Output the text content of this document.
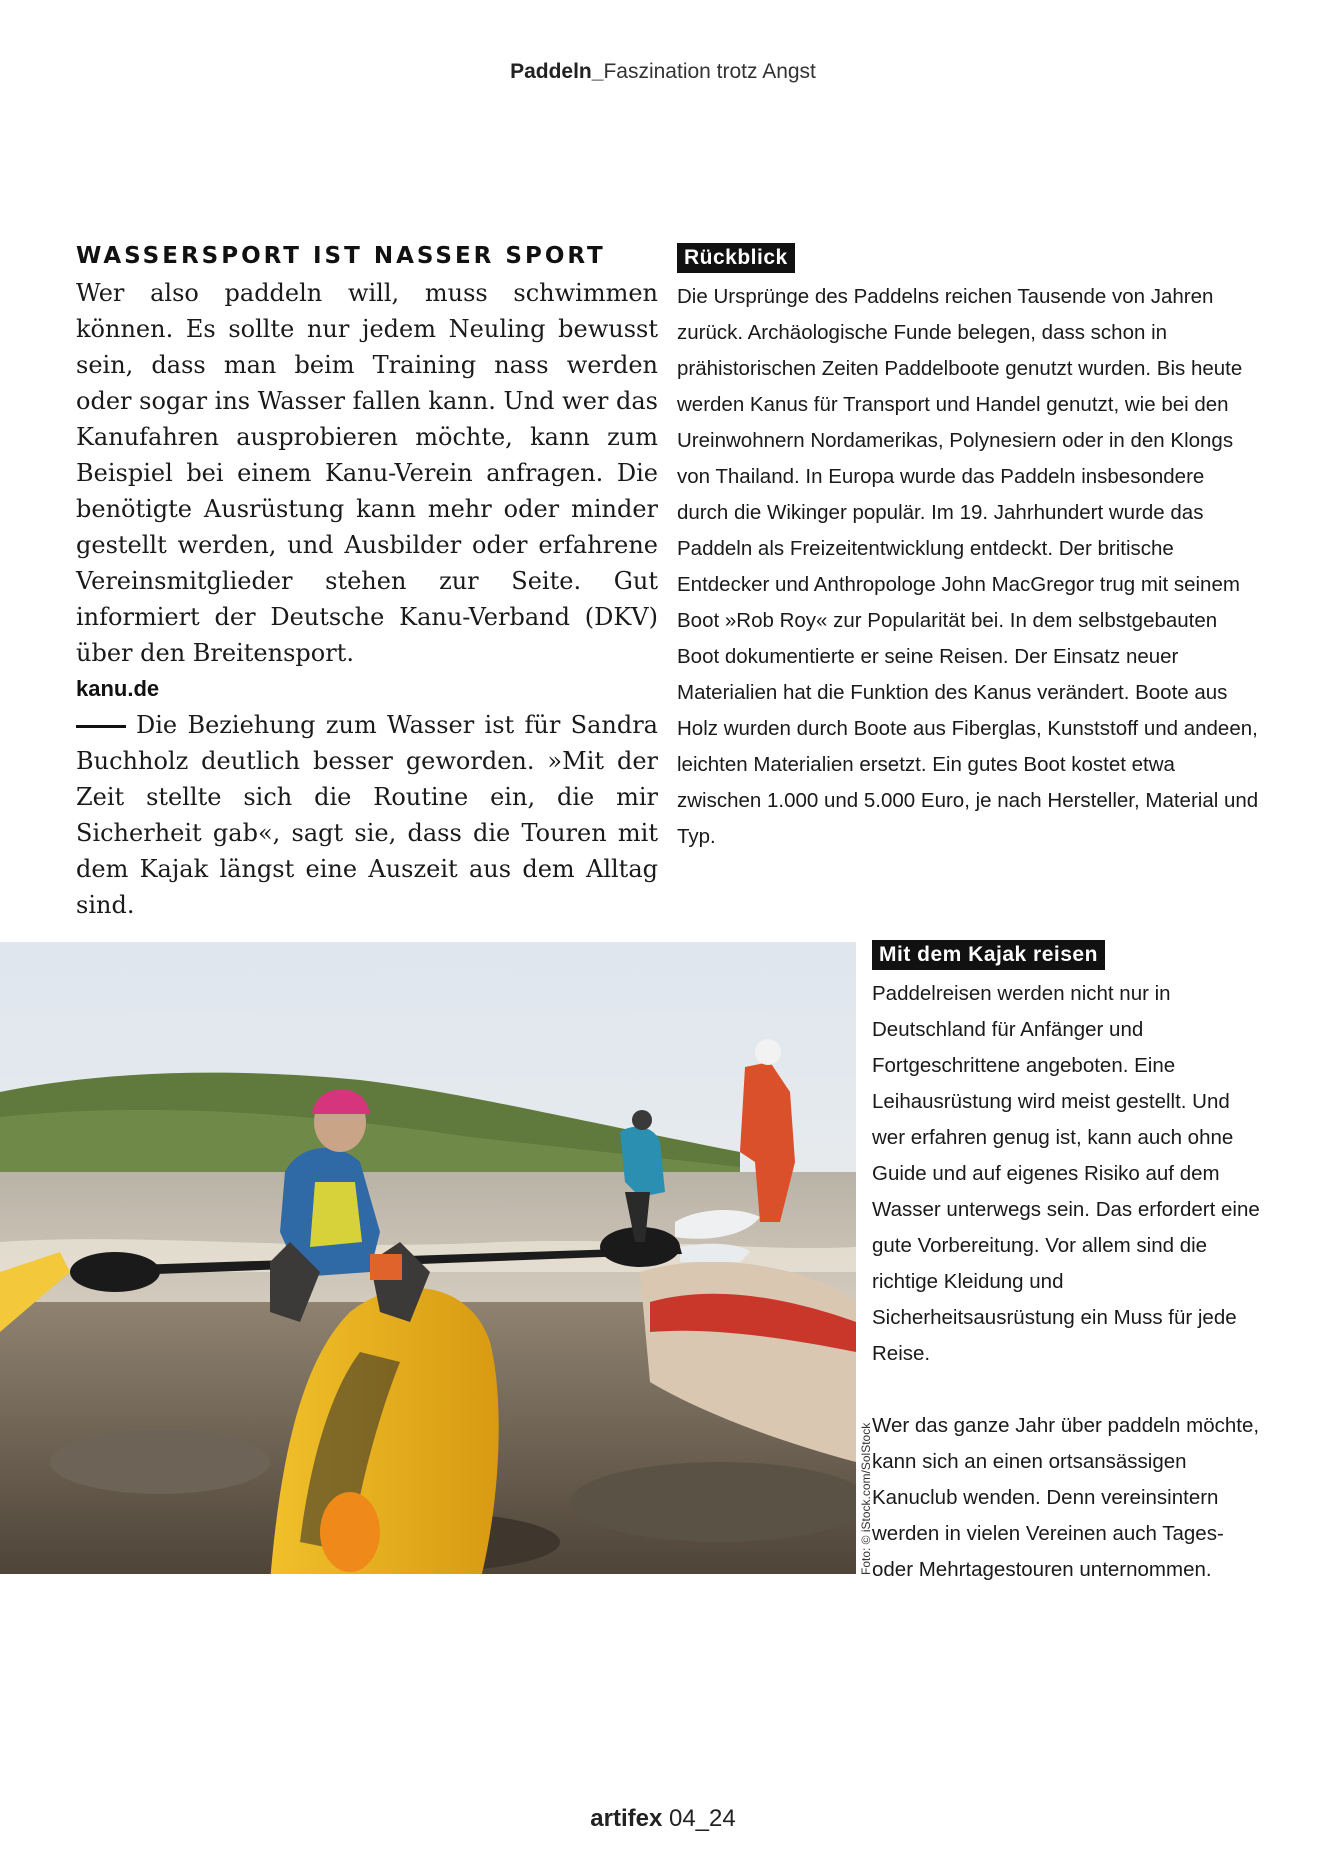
Paddeln_Faszination trotz Angst
WASSERSPORT IST NASSER SPORT

Wer also paddeln will, muss schwimmen können. Es sollte nur jedem Neuling bewusst sein, dass man beim Training nass werden oder sogar ins Wasser fallen kann. Und wer das Kanufahren ausprobieren möchte, kann zum Beispiel bei einem Kanu-Verein anfragen. Die benötigte Ausrüstung kann mehr oder minder gestellt werden, und Ausbilder oder erfahrene Vereinsmitglieder stehen zur Seite. Gut informiert der Deutsche Kanu-Verband (DKV) über den Breitensport.

kanu.de

Die Beziehung zum Wasser ist für Sandra Buchholz deutlich besser geworden. »Mit der Zeit stellte sich die Routine ein, die mir Sicherheit gab«, sagt sie, dass die Touren mit dem Kajak längst eine Auszeit aus dem Alltag sind.

Rückblick

Die Ursprünge des Paddelns reichen Tausende von Jahren zurück. Archäologische Funde belegen, dass schon in prähistorischen Zeiten Paddelboote genutzt wurden. Bis heute werden Kanus für Transport und Handel genutzt, wie bei den Ureinwohnern Nordamerikas, Polynesiern oder in den Klongs von Thailand. In Europa wurde das Paddeln insbesondere durch die Wikinger populär. Im 19. Jahrhundert wurde das Paddeln als Freizeitentwicklung entdeckt. Der britische Entdecker und Anthropologe John MacGregor trug mit seinem Boot »Rob Roy« zur Popularität bei. In dem selbstgebauten Boot dokumentierte er seine Reisen. Der Einsatz neuer Materialien hat die Funktion des Kanus verändert. Boote aus Holz wurden durch Boote aus Fiberglas, Kunststoff und andeen, leichten Materialien ersetzt. Ein gutes Boot kostet etwa zwischen 1.000 und 5.000 Euro, je nach Hersteller, Material und Typ.

Foto: © iStock.com/SolStock
Mit dem Kajak reisen

Paddelreisen werden nicht nur in Deutschland für Anfänger und Fortgeschrittene angeboten. Eine Leihausrüstung wird meist gestellt. Und wer erfahren genug ist, kann auch ohne Guide und auf eigenes Risiko auf dem Wasser unterwegs sein. Das erfordert eine gute Vorbereitung. Vor allem sind die richtige Kleidung und Sicherheitsausrüstung ein Muss für jede Reise.

Wer das ganze Jahr über paddeln möchte, kann sich an einen ortsansässigen Kanuclub wenden. Denn vereinsintern werden in vielen Vereinen auch Tages- oder Mehrtagestouren unternommen.

artifex 04_24
